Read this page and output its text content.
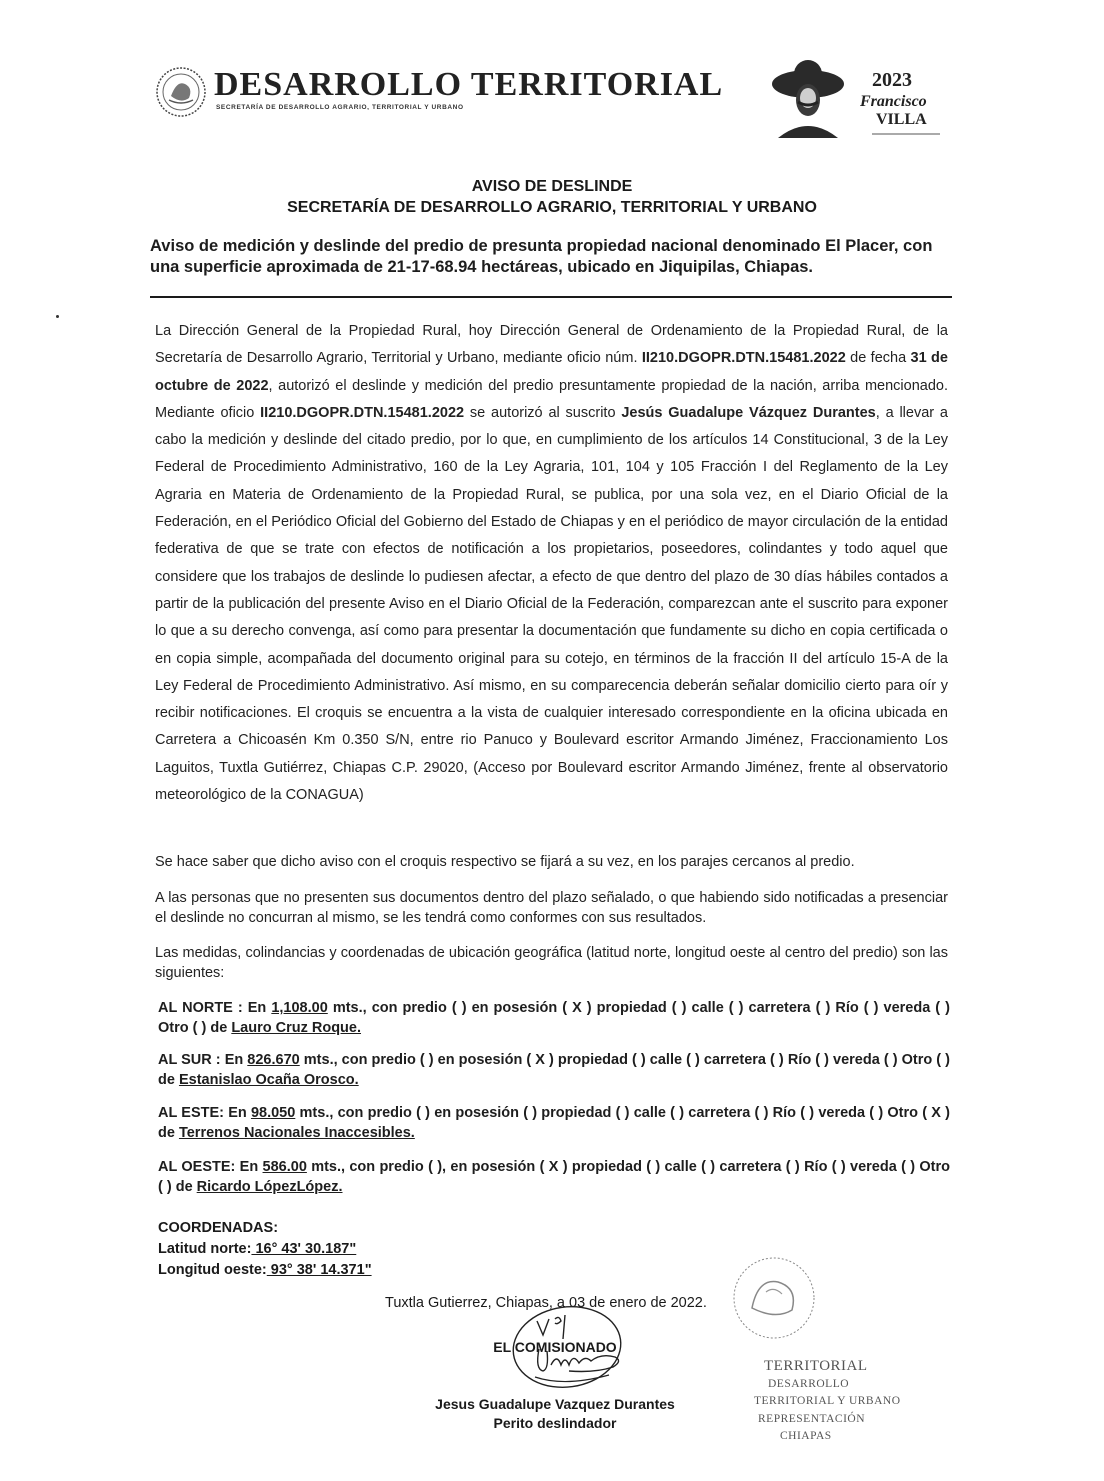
DESARROLLO TERRITORIAL
SECRETARÍA DE DESARROLLO AGRARIO, TERRITORIAL Y URBANO
2023
Francisco
VILLA
AVISO DE DESLINDE
SECRETARÍA DE DESARROLLO AGRARIO, TERRITORIAL Y URBANO
Aviso de medición y deslinde del predio de presunta propiedad nacional denominado El Placer, con una superficie aproximada de 21-17-68.94 hectáreas, ubicado en Jiquipilas, Chiapas.
La Dirección General de la Propiedad Rural, hoy Dirección General de Ordenamiento de la Propiedad Rural, de la Secretaría de Desarrollo Agrario, Territorial y Urbano, mediante oficio núm. II210.DGOPR.DTN.15481.2022 de fecha 31 de octubre de 2022, autorizó el deslinde y medición del predio presuntamente propiedad de la nación, arriba mencionado. Mediante oficio II210.DGOPR.DTN.15481.2022 se autorizó al suscrito Jesús Guadalupe Vázquez Durantes, a llevar a cabo la medición y deslinde del citado predio, por lo que, en cumplimiento de los artículos 14 Constitucional, 3 de la Ley Federal de Procedimiento Administrativo, 160 de la Ley Agraria, 101, 104 y 105 Fracción I del Reglamento de la Ley Agraria en Materia de Ordenamiento de la Propiedad Rural, se publica, por una sola vez, en el Diario Oficial de la Federación, en el Periódico Oficial del Gobierno del Estado de Chiapas y en el periódico de mayor circulación de la entidad federativa de que se trate con efectos de notificación a los propietarios, poseedores, colindantes y todo aquel que considere que los trabajos de deslinde lo pudiesen afectar, a efecto de que dentro del plazo de 30 días hábiles contados a partir de la publicación del presente Aviso en el Diario Oficial de la Federación, comparezcan ante el suscrito para exponer lo que a su derecho convenga, así como para presentar la documentación que fundamente su dicho en copia certificada o en copia simple, acompañada del documento original para su cotejo, en términos de la fracción II del artículo 15-A de la Ley Federal de Procedimiento Administrativo. Así mismo, en su comparecencia deberán señalar domicilio cierto para oír y recibir notificaciones. El croquis se encuentra a la vista de cualquier interesado correspondiente en la oficina ubicada en Carretera a Chicoasén Km 0.350 S/N, entre rio Panuco y Boulevard escritor Armando Jiménez, Fraccionamiento Los Laguitos, Tuxtla Gutiérrez, Chiapas C.P. 29020, (Acceso por Boulevard escritor Armando Jiménez, frente al observatorio meteorológico de la CONAGUA)
Se hace saber que dicho aviso con el croquis respectivo se fijará a su vez, en los parajes cercanos al predio.
A las personas que no presenten sus documentos dentro del plazo señalado, o que habiendo sido notificadas a presenciar el deslinde no concurran al mismo, se les tendrá como conformes con sus resultados.
Las medidas, colindancias y coordenadas de ubicación geográfica (latitud norte, longitud oeste al centro del predio) son las siguientes:
AL NORTE : En 1,108.00 mts., con predio ( ) en posesión ( X ) propiedad ( ) calle ( ) carretera ( ) Río ( ) vereda ( ) Otro ( ) de Lauro Cruz Roque.
AL SUR : En 826.670 mts., con predio ( ) en posesión ( X ) propiedad ( ) calle ( ) carretera ( ) Río ( ) vereda ( ) Otro ( ) de Estanislao Ocaña Orosco.
AL ESTE: En 98.050 mts., con predio ( ) en posesión ( ) propiedad ( ) calle ( ) carretera ( ) Río ( ) vereda ( ) Otro ( X ) de Terrenos Nacionales Inaccesibles.
AL OESTE: En 586.00 mts., con predio ( ), en posesión ( X ) propiedad ( ) calle ( ) carretera ( ) Río ( ) vereda ( ) Otro ( ) de Ricardo LópezLópez.
COORDENADAS:
Latitud norte: 16° 43' 30.187"
Longitud oeste: 93° 38' 14.371"
Tuxtla Gutierrez, Chiapas, a 03 de enero de 2022.
EL COMISIONADO
Jesus Guadalupe Vazquez Durantes
Perito deslindador
TERRITORIAL
DESARROLLO
TERRITORIAL Y URBANO
REPRESENTACIÓN
CHIAPAS
